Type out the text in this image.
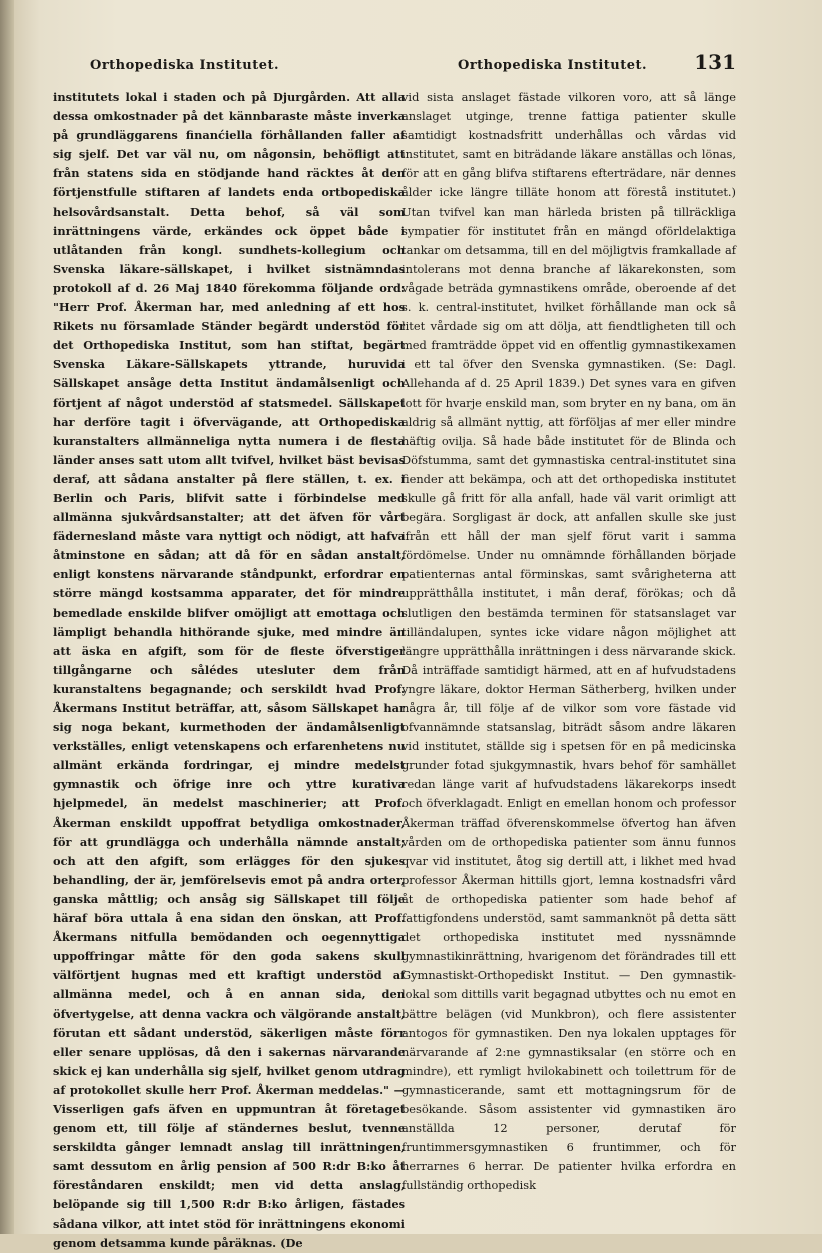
Orthopediska Institutet.	Orthopediska Institutet. 131

institutets lokal i staden och på Djurgården. Att alla dessa omkostnader på det kännbaraste måste inverka på grundläggarens finanćiella förhållanden faller af sig sjelf. Det var väl nu, om någonsin, behöfligt att från statens sida en stödjande hand räcktes åt den förtjenstfulle stiftaren af landets enda ortbopediska helsovårdsanstalt. Detta behof, så väl som inrättningens värde, erkändes ock öppet både i utlåtanden från kongl. sundhets-kollegium och Svenska läkare-sällskapet, i hvilket sistnämndas protokoll af d. 26 Maj 1840 förekomma följande ord: "Herr Prof. Åkerman har, med anledning af ett hos Rikets nu församlade Ständer begärdt understöd för det Orthopediska Institut, som han stiftat, begärt Svenska Läkare-Sällskapets yttrande, huruvida Sällskapet ansåge detta Institut ändamålsenligt och förtjent af något understöd af statsmedel. Sällskapet har derföre tagit i öfvervägande, att Orthopediska kuranstalters allmänneliga nytta numera i de flesta länder anses satt utom allt tvifvel, hvilket bäst bevisas deraf, att sådana anstalter på flere ställen, t. ex. i Berlin och Paris, blifvit satte i förbindelse med allmänna sjukvårdsanstalter; att det äfven för vårt fädernesland måste vara nyttigt och nödigt, att hafva åtminstone en sådan; att då för en sådan anstalt, enligt konstens närvarande ståndpunkt, erfordrar en större mängd kostsamma apparater, det för mindre bemedlade enskilde blifver omöjligt att emottaga och lämpligt behandla hithörande sjuke, med mindre än att äska en afgift, som för de fleste öfverstiger tillgångarne och sålédes utesluter dem från kuranstaltens begagnande; och serskildt hvad Prof. Åkermans Institut beträffar, att, såsom Sällskapet har sig noga bekant, kurmethoden der ändamålsenligt verkställes, enligt vetenskapens och erfarenhetens nu allmänt erkända fordringar, ej mindre medelst gymnastik och öfrige inre och yttre kurativa hjelpmedel, än medelst maschinerier; att Prof. Åkerman enskildt uppoffrat betydliga omkostnader, för att grundlägga och underhålla nämnde anstalt; och att den afgift, som erlägges för den sjukes behandling, der är, jemförelsevis emot på andra orter, ganska måttlig; och ansåg sig Sällskapet till följe häraf böra uttala å ena sidan den önskan, att Prof. Åkermans nitfulla bemödanden och oegennyttiga uppoffringar måtte för den goda sakens skull välförtjent hugnas med ett kraftigt understöd af allmänna medel, och å en annan sida, den öfvertygelse, att denna vackra och välgörande anstalt, förutan ett sådant understöd, säkerligen måste förr eller senare upplösas, då den i sakernas närvarande skick ej kan underhålla sig sjelf, hvilket genom utdrag af protokollet skulle herr Prof. Åkerman meddelas." — Visserligen gafs äfven en uppmuntran åt företaget genom ett, till följe af ständernes beslut, tvenne serskildta gånger lemnadt anslag till inrättningen, samt dessutom en årlig pension af 500 R:dr B:ko åt föreståndaren enskildt; men vid detta anslag, belöpande sig till 1,500 R:dr B:ko årligen, fästades sådana vilkor, att intet stöd för inrättningens ekonomi genom detsamma kunde påräknas. (De

vid sista anslaget fästade vilkoren voro, att så länge anslaget utginge, trenne fattiga patienter skulle samtidigt kostnadsfritt underhållas och vårdas vid institutet, samt en biträdande läkare anställas och lönas, för att en gång blifva stiftarens efterträdare, när dennes ålder icke längre tilläte honom att förestå institutet.) Utan tvifvel kan man härleda bristen på tillräckliga sympatier för institutet från en mängd oförldelaktiga tankar om detsamma, till en del möjligtvis framkallade af intolerans mot denna branche af läkarekonsten, som vågade beträda gymnastikens område, oberoende af det s. k. central-institutet, hvilket förhållande man ock så litet vårdade sig om att dölja, att fiendtligheten till och med framträdde öppet vid en offentlig gymnastikexamen i ett tal öfver den Svenska gymnastiken. (Se: Dagl. Allehanda af d. 25 April 1839.) Det synes vara en gifven lott för hvarje enskild man, som bryter en ny bana, om än aldrig så allmänt nyttig, att förföljas af mer eller mindre häftig ovilja. Så hade både institutet för de Blinda och Döfstumma, samt det gymnastiska central-institutet sina fiender att bekämpa, och att det orthopediska institutet skulle gå fritt för alla anfall, hade väl varit orimligt att begära. Sorgligast är dock, att anfallen skulle ske just ifrån ett håll der man sjelf förut varit i samma fördömelse. Under nu omnämnde förhållanden började patienternas antal förminskas, samt svårigheterna att upprätthålla institutet, i mån deraf, förökas; och då slutligen den bestämda terminen för statsanslaget var tilländalupen, syntes icke vidare någon möjlighet att längre upprätthålla inrättningen i dess närvarande skick. Då inträffade samtidigt härmed, att en af hufvudstadens yngre läkare, doktor Herman Sätherberg, hvilken under några år, till följe af de vilkor som vore fästade vid ofvannämnde statsanslag, biträdt såsom andre läkaren vid institutet, ställde sig i spetsen för en på medicinska grunder fotad sjukgymnastik, hvars behof för samhället redan länge varit af hufvudstadens läkarekorps insedt och öfverklagadt. Enligt en emellan honom och professor Åkerman träffad öfverenskommelse öfvertog han äfven vården om de orthopediska patienter som ännu funnos qvar vid institutet, åtog sig dertill att, i likhet med hvad professor Åkerman hittills gjort, lemna kostnadsfri vård åt de orthopediska patienter som hade behof af fattigfondens understöd, samt sammanknöt på detta sätt det orthopediska institutet med nyssnämnde gymnastikinrättning, hvarigenom det förändrades till ett Gymnastiskt-Orthopediskt Institut. — Den gymnastik-lokal som dittills varit begagnad utbyttes och nu emot en bättre belägen (vid Munkbron), och flere assistenter antogos för gymnastiken. Den nya lokalen upptages för närvarande af 2:ne gymnastiksalar (en större och en mindre), ett rymligt hvilokabinett och toilettrum för de gymnasticerande, samt ett mottagningsrum för de besökande. Såsom assistenter vid gymnastiken äro anställda 12 personer, derutaf för fruntimmersgymnastiken 6 fruntimmer, och för herrarnes 6 herrar. De patienter hvilka erfordra en fullständig orthopedisk
